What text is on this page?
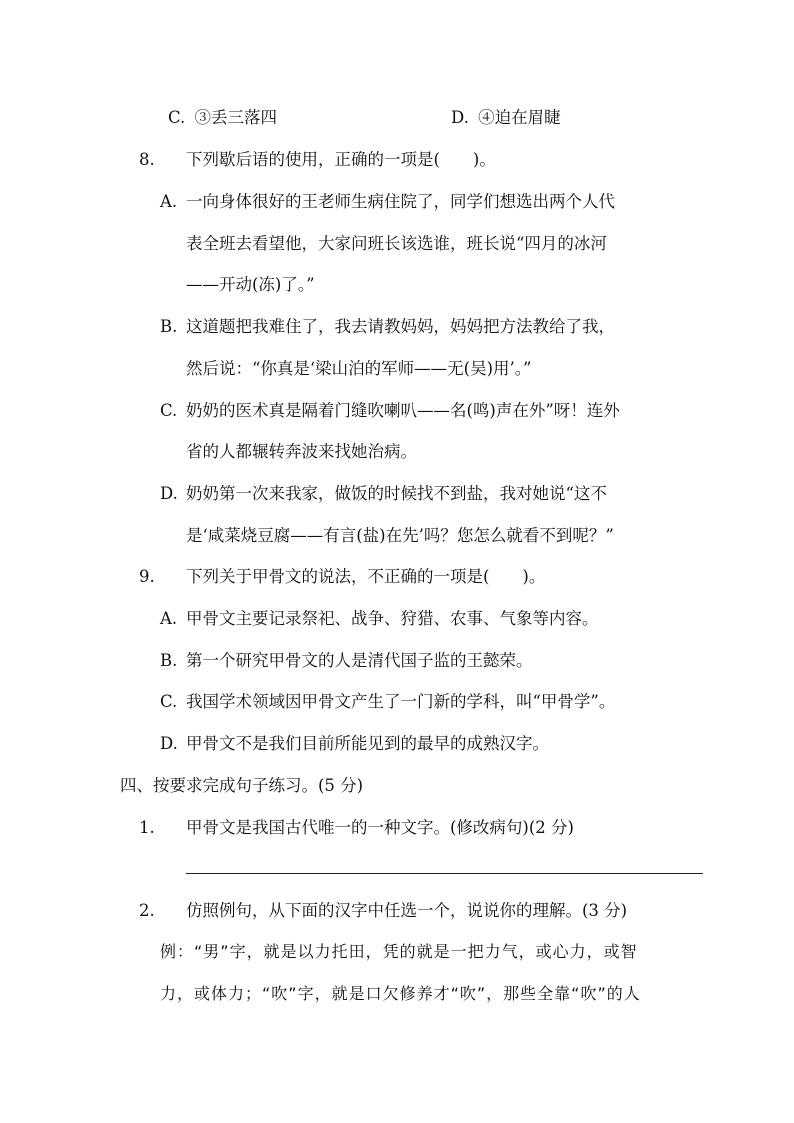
C. ③丢三落四	D. ④迫在眉睫
8. 下列歇后语的使用，正确的一项是(　　)。
A. 一向身体很好的王老师生病住院了，同学们想选出两个人代
表全班去看望他，大家问班长该选谁，班长说“四月的冰河
——开动(冻)了。”
B. 这道题把我难住了，我去请教妈妈，妈妈把方法教给了我，
然后说：“你真是‘梁山泊的军师——无(吴)用’。”
C. 奶奶的医术真是隔着门缝吹喇叭——名(鸣)声在外”呀！连外
省的人都辗转奔波来找她治病。
D. 奶奶第一次来我家，做饭的时候找不到盐，我对她说“这不
是‘咸菜烧豆腐——有言(盐)在先’吗？您怎么就看不到呢？”
9. 下列关于甲骨文的说法，不正确的一项是(　　)。
A. 甲骨文主要记录祭祀、战争、狩猎、农事、气象等内容。
B. 第一个研究甲骨文的人是清代国子监的王懿荣。
C. 我国学术领域因甲骨文产生了一门新的学科，叫“甲骨学”。
D. 甲骨文不是我们目前所能见到的最早的成熟汉字。
四、按要求完成句子练习。(5 分)
1. 甲骨文是我国古代唯一的一种文字。(修改病句)(2 分)
2. 仿照例句，从下面的汉字中任选一个，说说你的理解。(3 分)
例：“男”字，就是以力托田，凭的就是一把力气，或心力，或智
力，或体力；“吹”字，就是口欠修养才“吹”，那些全靠“吹”的人
